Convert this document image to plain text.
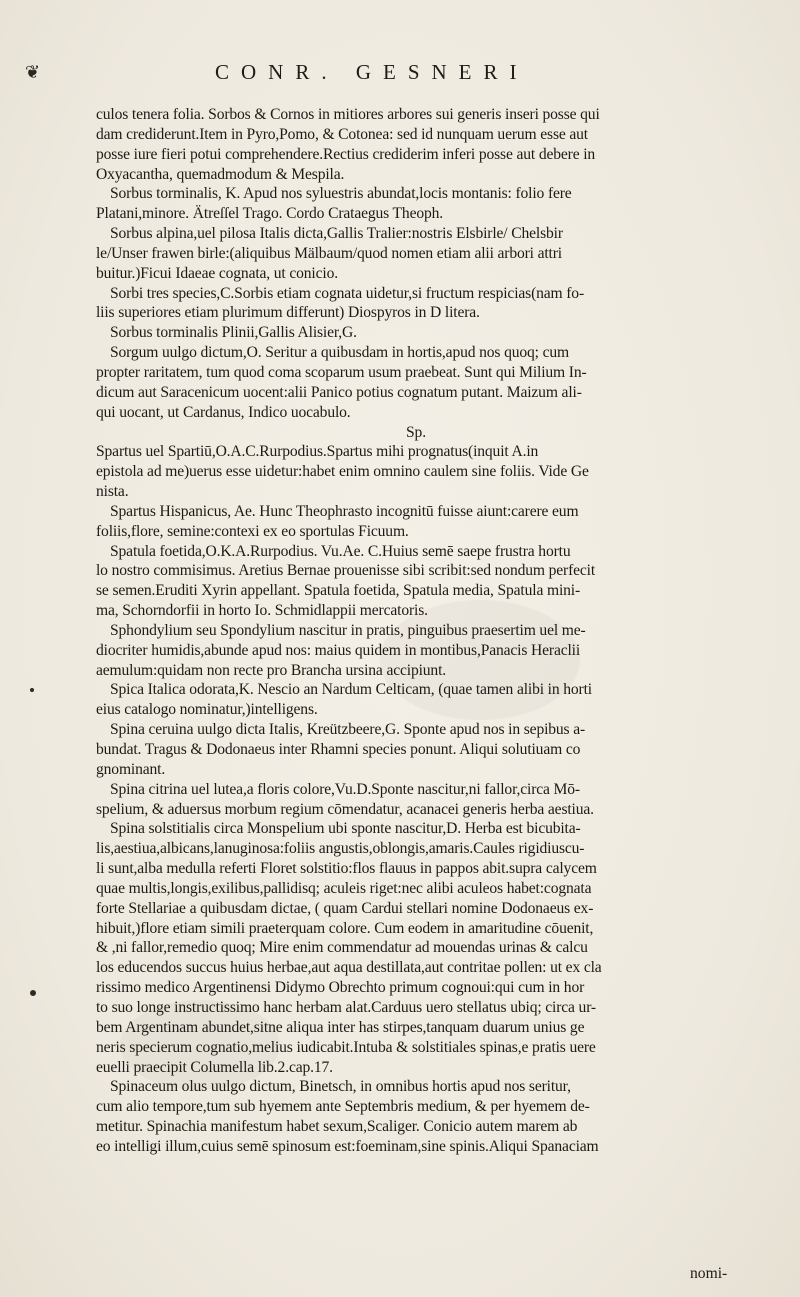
❦	CONR. GESNERI
culos tenera folia. Sorbos & Cornos in mitiores arbores sui generis inseri posse qui
dam crediderunt.Item in Pyro,Pomo, & Cotonea: sed id nunquam uerum esse aut
posse iure fieri potui comprehendere.Rectius crediderim inferi posse aut debere in
Oxyacantha, quemadmodum & Mespila.
Sorbus torminalis, K. Apud nos syluestris abundat,locis montanis: folio fere
Platani,minore. Ätreſſel Trago. Cordo Crataegus Theoph.
Sorbus alpina,uel pilosa Italis dicta,Gallis Tralier:nostris Elsbirle/ Chelsbir
le/Unser frawen birle:(aliquibus Mälbaum/quod nomen etiam alii arbori attri
buitur.)Ficui Idaeae cognata, ut conicio.
Sorbi tres species,C.Sorbis etiam cognata uidetur,si fructum respicias(nam fo-
liis superiores etiam plurimum differunt) Diospyros in D litera.
Sorbus torminalis Plinii,Gallis Alisier,G.
Sorgum uulgo dictum,O. Seritur a quibusdam in hortis,apud nos quoq; cum
propter raritatem, tum quod coma scoparum usum praebeat. Sunt qui Milium In-
dicum aut Saracenicum uocent:alii Panico potius cognatum putant. Maizum ali-
qui uocant, ut Cardanus, Indico uocabulo.
Sp.
Spartus uel Spartiū,O.A.C.Rurpodius.Spartus mihi prognatus(inquit A.in
epistola ad me)uerus esse uidetur:habet enim omnino caulem sine foliis. Vide Ge
nista.
Spartus Hispanicus, Ae. Hunc Theophrasto incognitū fuisse aiunt:carere eum
foliis,flore, semine:contexi ex eo sportulas Ficuum.
Spatula foetida,O.K.A.Rurpodius. Vu.Ae. C.Huius semē saepe frustra hortu
lo nostro commisimus. Aretius Bernae prouenisse sibi scribit:sed nondum perfecit
se semen.Eruditi Xyrin appellant. Spatula foetida, Spatula media, Spatula mini-
ma, Schorndorfii in horto Io. Schmidlappii mercatoris.
Sphondylium seu Spondylium nascitur in pratis, pinguibus praesertim uel me-
diocriter humidis,abunde apud nos: maius quidem in montibus,Panacis Heraclii
aemulum:quidam non recte pro Brancha ursina accipiunt.
Spica Italica odorata,K. Nescio an Nardum Celticam, (quae tamen alibi in horti
eius catalogo nominatur,)intelligens.
Spina ceruina uulgo dicta Italis, Kreützbeere,G. Sponte apud nos in sepibus a-
bundat. Tragus & Dodonaeus inter Rhamni species ponunt. Aliqui solutiuam co
gnominant.
Spina citrina uel lutea,a floris colore,Vu.D.Sponte nascitur,ni fallor,circa Mō-
spelium, & aduersus morbum regium cōmendatur, acanacei generis herba aestiua.
Spina solstitialis circa Monspelium ubi sponte nascitur,D. Herba est bicubita-
lis,aestiua,albicans,lanuginosa:foliis angustis,oblongis,amaris.Caules rigidiuscu-
li sunt,alba medulla referti Floret solstitio:flos flauus in pappos abit.supra calycem
quae multis,longis,exilibus,pallidisq; aculeis riget:nec alibi aculeos habet:cognata
forte Stellariae a quibusdam dictae, ( quam Cardui stellari nomine Dodonaeus ex-
hibuit,)flore etiam simili praeterquam colore. Cum eodem in amaritudine cōuenit,
& ,ni fallor,remedio quoq; Mire enim commendatur ad mouendas urinas & calcu
los educendos succus huius herbae,aut aqua destillata,aut contritae pollen: ut ex cla
rissimo medico Argentinensi Didymo Obrechto primum cognoui:qui cum in hor
to suo longe instructissimo hanc herbam alat.Carduus uero stellatus ubiq; circa ur-
bem Argentinam abundet,sitne aliqua inter has stirpes,tanquam duarum unius ge
neris specierum cognatio,melius iudicabit.Intuba & solstitiales spinas,e pratis uere
euelli praecipit Columella lib.2.cap.17.
Spinaceum olus uulgo dictum, Binetsch, in omnibus hortis apud nos seritur,
cum alio tempore,tum sub hyemem ante Septembris medium, & per hyemem de-
metitur. Spinachia manifestum habet sexum,Scaliger. Conicio autem marem ab
eo intelligi illum,cuius semē spinosum est:foeminam,sine spinis.Aliqui Spanaciam
nomi-
